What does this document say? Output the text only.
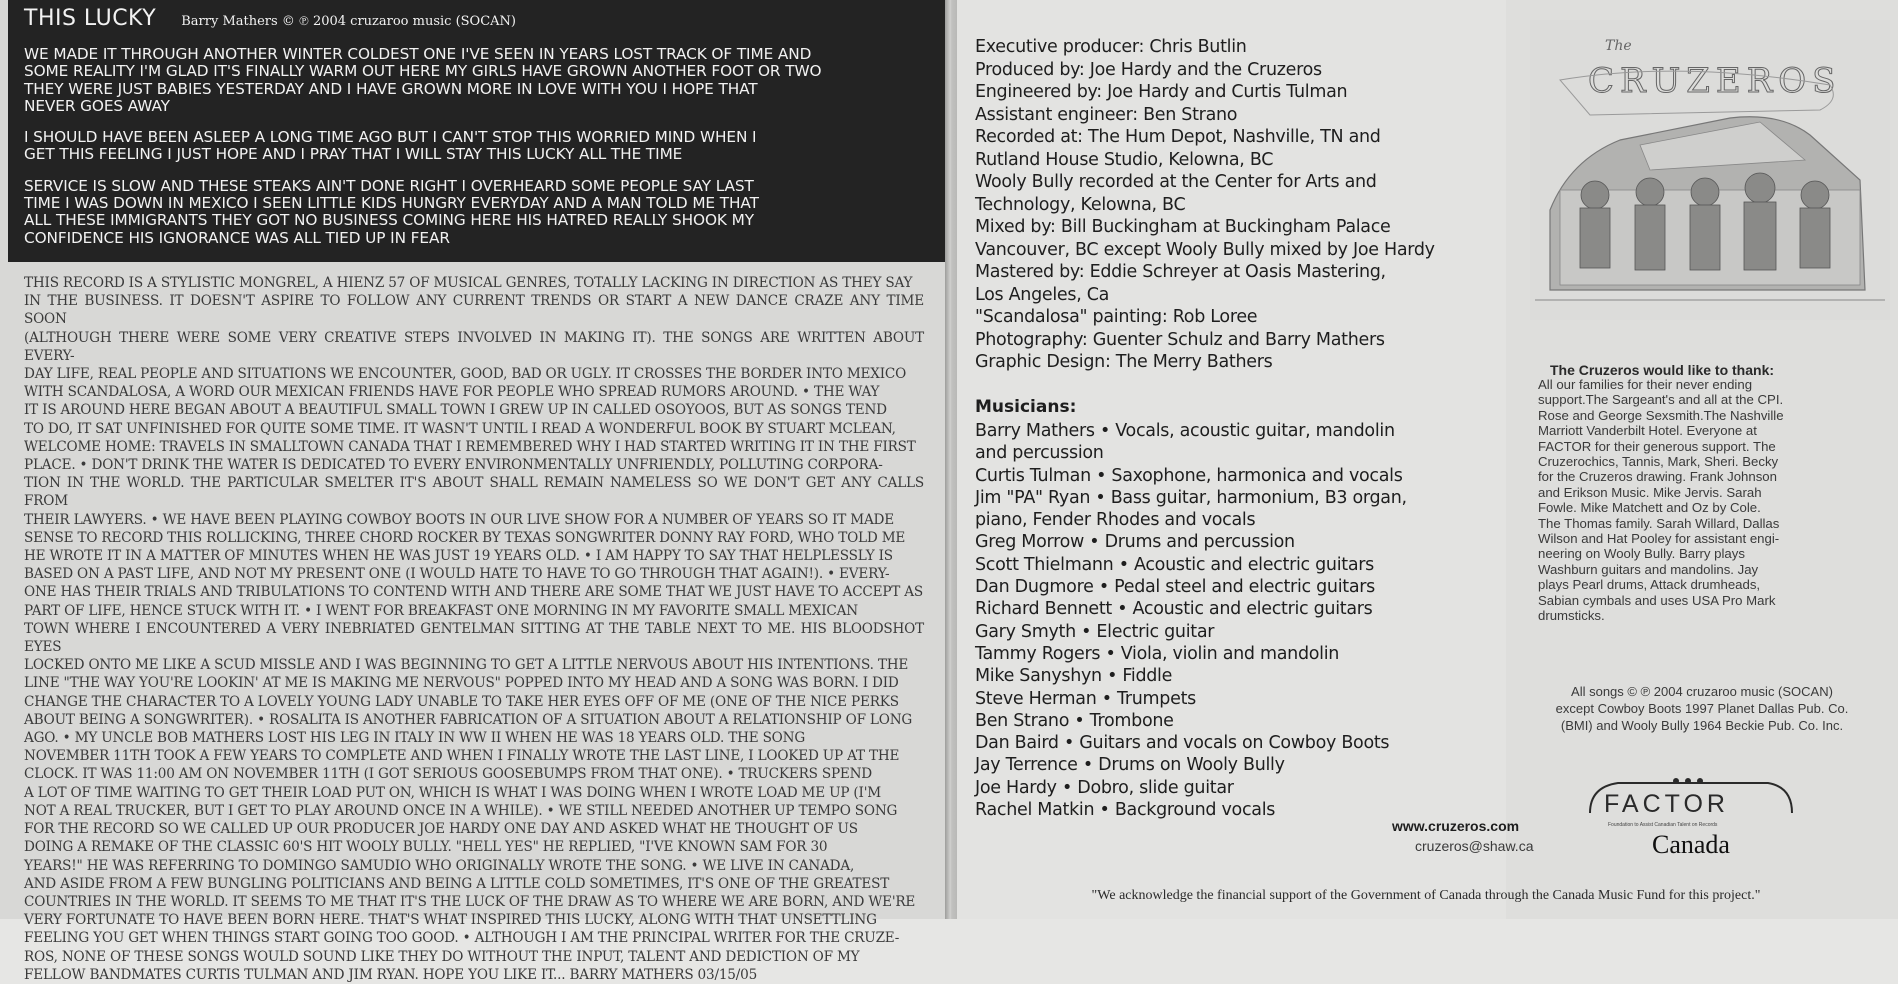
THIS LUCKY Barry Mathers © ℗ 2004 cruzaroo music (SOCAN)

WE MADE IT THROUGH ANOTHER WINTER COLDEST ONE I'VE SEEN IN YEARS LOST TRACK OF TIME AND
SOME REALITY I'M GLAD IT'S FINALLY WARM OUT HERE MY GIRLS HAVE GROWN ANOTHER FOOT OR TWO
THEY WERE JUST BABIES YESTERDAY AND I HAVE GROWN MORE IN LOVE WITH YOU I HOPE THAT
NEVER GOES AWAY

I SHOULD HAVE BEEN ASLEEP A LONG TIME AGO BUT I CAN'T STOP THIS WORRIED MIND WHEN I
GET THIS FEELING I JUST HOPE AND I PRAY THAT I WILL STAY THIS LUCKY ALL THE TIME

SERVICE IS SLOW AND THESE STEAKS AIN'T DONE RIGHT I OVERHEARD SOME PEOPLE SAY LAST
TIME I WAS DOWN IN MEXICO I SEEN LITTLE KIDS HUNGRY EVERYDAY AND A MAN TOLD ME THAT
ALL THESE IMMIGRANTS THEY GOT NO BUSINESS COMING HERE HIS HATRED REALLY SHOOK MY
CONFIDENCE HIS IGNORANCE WAS ALL TIED UP IN FEAR

THIS RECORD IS A STYLISTIC MONGREL, A HIENZ 57 OF MUSICAL GENRES, TOTALLY LACKING IN DIRECTION AS THEY SAY
IN THE BUSINESS. IT DOESN'T ASPIRE TO FOLLOW ANY CURRENT TRENDS OR START A NEW DANCE CRAZE ANY TIME SOON
(ALTHOUGH THERE WERE SOME VERY CREATIVE STEPS INVOLVED IN MAKING IT). THE SONGS ARE WRITTEN ABOUT EVERY-
DAY LIFE, REAL PEOPLE AND SITUATIONS WE ENCOUNTER, GOOD, BAD OR UGLY. IT CROSSES THE BORDER INTO MEXICO
WITH SCANDALOSA, A WORD OUR MEXICAN FRIENDS HAVE FOR PEOPLE WHO SPREAD RUMORS AROUND. • THE WAY
IT IS AROUND HERE BEGAN ABOUT A BEAUTIFUL SMALL TOWN I GREW UP IN CALLED OSOYOOS, BUT AS SONGS TEND
TO DO, IT SAT UNFINISHED FOR QUITE SOME TIME. IT WASN'T UNTIL I READ A WONDERFUL BOOK BY STUART MCLEAN,
WELCOME HOME: TRAVELS IN SMALLTOWN CANADA THAT I REMEMBERED WHY I HAD STARTED WRITING IT IN THE FIRST
PLACE. • DON'T DRINK THE WATER IS DEDICATED TO EVERY ENVIRONMENTALLY UNFRIENDLY, POLLUTING CORPORA-
TION IN THE WORLD. THE PARTICULAR SMELTER IT'S ABOUT SHALL REMAIN NAMELESS SO WE DON'T GET ANY CALLS FROM
THEIR LAWYERS. • WE HAVE BEEN PLAYING COWBOY BOOTS IN OUR LIVE SHOW FOR A NUMBER OF YEARS SO IT MADE
SENSE TO RECORD THIS ROLLICKING, THREE CHORD ROCKER BY TEXAS SONGWRITER DONNY RAY FORD, WHO TOLD ME
HE WROTE IT IN A MATTER OF MINUTES WHEN HE WAS JUST 19 YEARS OLD. • I AM HAPPY TO SAY THAT HELPLESSLY IS
BASED ON A PAST LIFE, AND NOT MY PRESENT ONE (I WOULD HATE TO HAVE TO GO THROUGH THAT AGAIN!). • EVERY-
ONE HAS THEIR TRIALS AND TRIBULATIONS TO CONTEND WITH AND THERE ARE SOME THAT WE JUST HAVE TO ACCEPT AS
PART OF LIFE, HENCE STUCK WITH IT. • I WENT FOR BREAKFAST ONE MORNING IN MY FAVORITE SMALL MEXICAN
TOWN WHERE I ENCOUNTERED A VERY INEBRIATED GENTELMAN SITTING AT THE TABLE NEXT TO ME. HIS BLOODSHOT EYES
LOCKED ONTO ME LIKE A SCUD MISSLE AND I WAS BEGINNING TO GET A LITTLE NERVOUS ABOUT HIS INTENTIONS. THE
LINE "THE WAY YOU'RE LOOKIN' AT ME IS MAKING ME NERVOUS" POPPED INTO MY HEAD AND A SONG WAS BORN. I DID
CHANGE THE CHARACTER TO A LOVELY YOUNG LADY UNABLE TO TAKE HER EYES OFF OF ME (ONE OF THE NICE PERKS
ABOUT BEING A SONGWRITER). • ROSALITA IS ANOTHER FABRICATION OF A SITUATION ABOUT A RELATIONSHIP OF LONG
AGO. • MY UNCLE BOB MATHERS LOST HIS LEG IN ITALY IN WW II WHEN HE WAS 18 YEARS OLD. THE SONG
NOVEMBER 11TH TOOK A FEW YEARS TO COMPLETE AND WHEN I FINALLY WROTE THE LAST LINE, I LOOKED UP AT THE
CLOCK. IT WAS 11:00 AM ON NOVEMBER 11TH (I GOT SERIOUS GOOSEBUMPS FROM THAT ONE). • TRUCKERS SPEND
A LOT OF TIME WAITING TO GET THEIR LOAD PUT ON, WHICH IS WHAT I WAS DOING WHEN I WROTE LOAD ME UP (I'M
NOT A REAL TRUCKER, BUT I GET TO PLAY AROUND ONCE IN A WHILE). • WE STILL NEEDED ANOTHER UP TEMPO SONG
FOR THE RECORD SO WE CALLED UP OUR PRODUCER JOE HARDY ONE DAY AND ASKED WHAT HE THOUGHT OF US
DOING A REMAKE OF THE CLASSIC 60'S HIT WOOLY BULLY. "HELL YES" HE REPLIED, "I'VE KNOWN SAM FOR 30
YEARS!" HE WAS REFERRING TO DOMINGO SAMUDIO WHO ORIGINALLY WROTE THE SONG. • WE LIVE IN CANADA,
AND ASIDE FROM A FEW BUNGLING POLITICIANS AND BEING A LITTLE COLD SOMETIMES, IT'S ONE OF THE GREATEST
COUNTRIES IN THE WORLD. IT SEEMS TO ME THAT IT'S THE LUCK OF THE DRAW AS TO WHERE WE ARE BORN, AND WE'RE
VERY FORTUNATE TO HAVE BEEN BORN HERE. THAT'S WHAT INSPIRED THIS LUCKY, ALONG WITH THAT UNSETTLING
FEELING YOU GET WHEN THINGS START GOING TOO GOOD. • ALTHOUGH I AM THE PRINCIPAL WRITER FOR THE CRUZE-
ROS, NONE OF THESE SONGS WOULD SOUND LIKE THEY DO WITHOUT THE INPUT, TALENT AND DEDICTION OF MY
FELLOW BANDMATES CURTIS TULMAN AND JIM RYAN. HOPE YOU LIKE IT... BARRY MATHERS 03/15/05
Executive producer: Chris Butlin
Produced by: Joe Hardy and the Cruzeros
Engineered by: Joe Hardy and Curtis Tulman
Assistant engineer: Ben Strano
Recorded at: The Hum Depot, Nashville, TN and
Rutland House Studio, Kelowna, BC
Wooly Bully recorded at the Center for Arts and
Technology, Kelowna, BC
Mixed by: Bill Buckingham at Buckingham Palace
Vancouver, BC except Wooly Bully mixed by Joe Hardy
Mastered by: Eddie Schreyer at Oasis Mastering,
Los Angeles, Ca
"Scandalosa" painting: Rob Loree
Photography: Guenter Schulz and Barry Mathers
Graphic Design: The Merry Bathers
Musicians:
Barry Mathers • Vocals, acoustic guitar, mandolin
and percussion
Curtis Tulman • Saxophone, harmonica and vocals
Jim "PA" Ryan • Bass guitar, harmonium, B3 organ,
piano, Fender Rhodes and vocals
Greg Morrow • Drums and percussion
Scott Thielmann • Acoustic and electric guitars
Dan Dugmore • Pedal steel and electric guitars
Richard Bennett • Acoustic and electric guitars
Gary Smyth • Electric guitar
Tammy Rogers • Viola, violin and mandolin
Mike Sanyshyn • Fiddle
Steve Herman • Trumpets
Ben Strano • Trombone
Dan Baird • Guitars and vocals on Cowboy Boots
Jay Terrence • Drums on Wooly Bully
Joe Hardy • Dobro, slide guitar
Rachel Matkin • Background vocals
The
CRUZEROS
The Cruzeros would like to thank:
All our families for their never ending
support.The Sargeant's and all at the CPI.
Rose and George Sexsmith.The Nashville
Marriott Vanderbilt Hotel. Everyone at
FACTOR for their generous support. The
Cruzerochics, Tannis, Mark, Sheri. Becky
for the Cruzeros drawing. Frank Johnson
and Erikson Music. Mike Jervis. Sarah
Fowle. Mike Matchett and Oz by Cole.
The Thomas family. Sarah Willard, Dallas
Wilson and Hat Pooley for assistant engi-
neering on Wooly Bully. Barry plays
Washburn guitars and mandolins. Jay
plays Pearl drums, Attack drumheads,
Sabian cymbals and uses USA Pro Mark
drumsticks.
All songs © ℗ 2004 cruzaroo music (SOCAN)
except Cowboy Boots 1997 Planet Dallas Pub. Co.
(BMI) and Wooly Bully 1964 Beckie Pub. Co. Inc.
www.cruzeros.com
cruzeros@shaw.ca
FACTOR
Foundation to Assist Canadian Talent on Records
Canada
"We acknowledge the financial support of the Government of Canada through the Canada Music Fund for this project."
